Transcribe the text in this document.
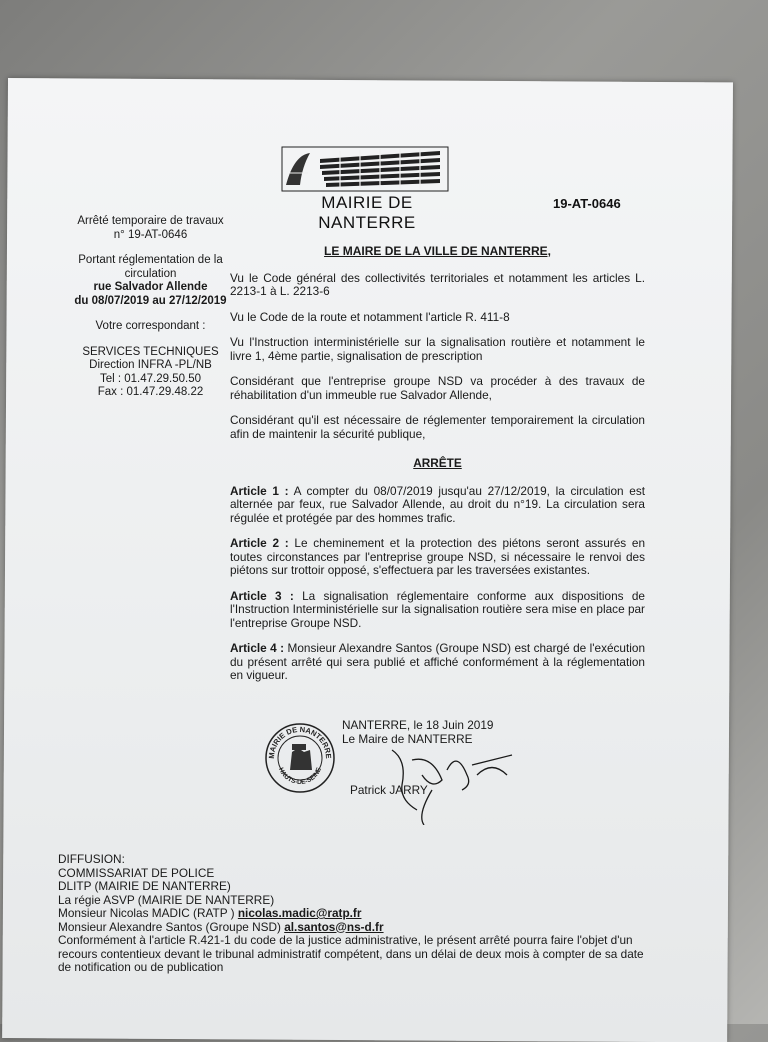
MAIRIE DE NANTERRE
19-AT-0646
Arrêté temporaire de travaux
n° 19-AT-0646
Portant réglementation de la
circulation
rue Salvador Allende
du 08/07/2019 au 27/12/2019
Votre correspondant :
SERVICES TECHNIQUES
Direction INFRA -PL/NB
Tel : 01.47.29.50.50
Fax : 01.47.29.48.22
LE MAIRE DE LA VILLE DE NANTERRE,

Vu le Code général des collectivités territoriales et notamment les articles L. 2213-1 à L. 2213-6

Vu le Code de la route et notamment l'article R. 411-8

Vu l'Instruction interministérielle sur la signalisation routière et notamment le livre 1, 4ème partie, signalisation de prescription

Considérant que l'entreprise groupe NSD va procéder à des travaux de réhabilitation d'un immeuble rue Salvador Allende,

Considérant qu'il est nécessaire de réglementer temporairement la circulation afin de maintenir la sécurité publique,

ARRÊTE

Article 1 : A compter du 08/07/2019 jusqu'au 27/12/2019, la circulation est alternée par feux, rue Salvador Allende, au droit du n°19. La circulation sera régulée et protégée par des hommes trafic.

Article 2 : Le cheminement et la protection des piétons seront assurés en toutes circonstances par l'entreprise groupe NSD, si nécessaire le renvoi des piétons sur trottoir opposé, s'effectuera par les traversées existantes.

Article 3 : La signalisation réglementaire conforme aux dispositions de l'Instruction Interministérielle sur la signalisation routière sera mise en place par l'entreprise Groupe NSD.

Article 4 : Monsieur Alexandre Santos (Groupe NSD) est chargé de l'exécution du présent arrêté qui sera publié et affiché conformément à la réglementation en vigueur.

MAIRIE DE NANTERRE
HAUTS-DE-SEINE
NANTERRE, le 18 Juin 2019
Le Maire de NANTERRE
Patrick JARRY
DIFFUSION:
COMMISSARIAT DE POLICE
DLITP (MAIRIE DE NANTERRE)
La régie ASVP (MAIRIE DE NANTERRE)
Monsieur Nicolas MADIC (RATP ) nicolas.madic@ratp.fr
Monsieur Alexandre Santos (Groupe NSD) al.santos@ns-d.fr
Conformément à l'article R.421-1 du code de la justice administrative, le présent arrêté pourra faire l'objet d'un recours contentieux devant le tribunal administratif compétent, dans un délai de deux mois à compter de sa date de notification ou de publication
